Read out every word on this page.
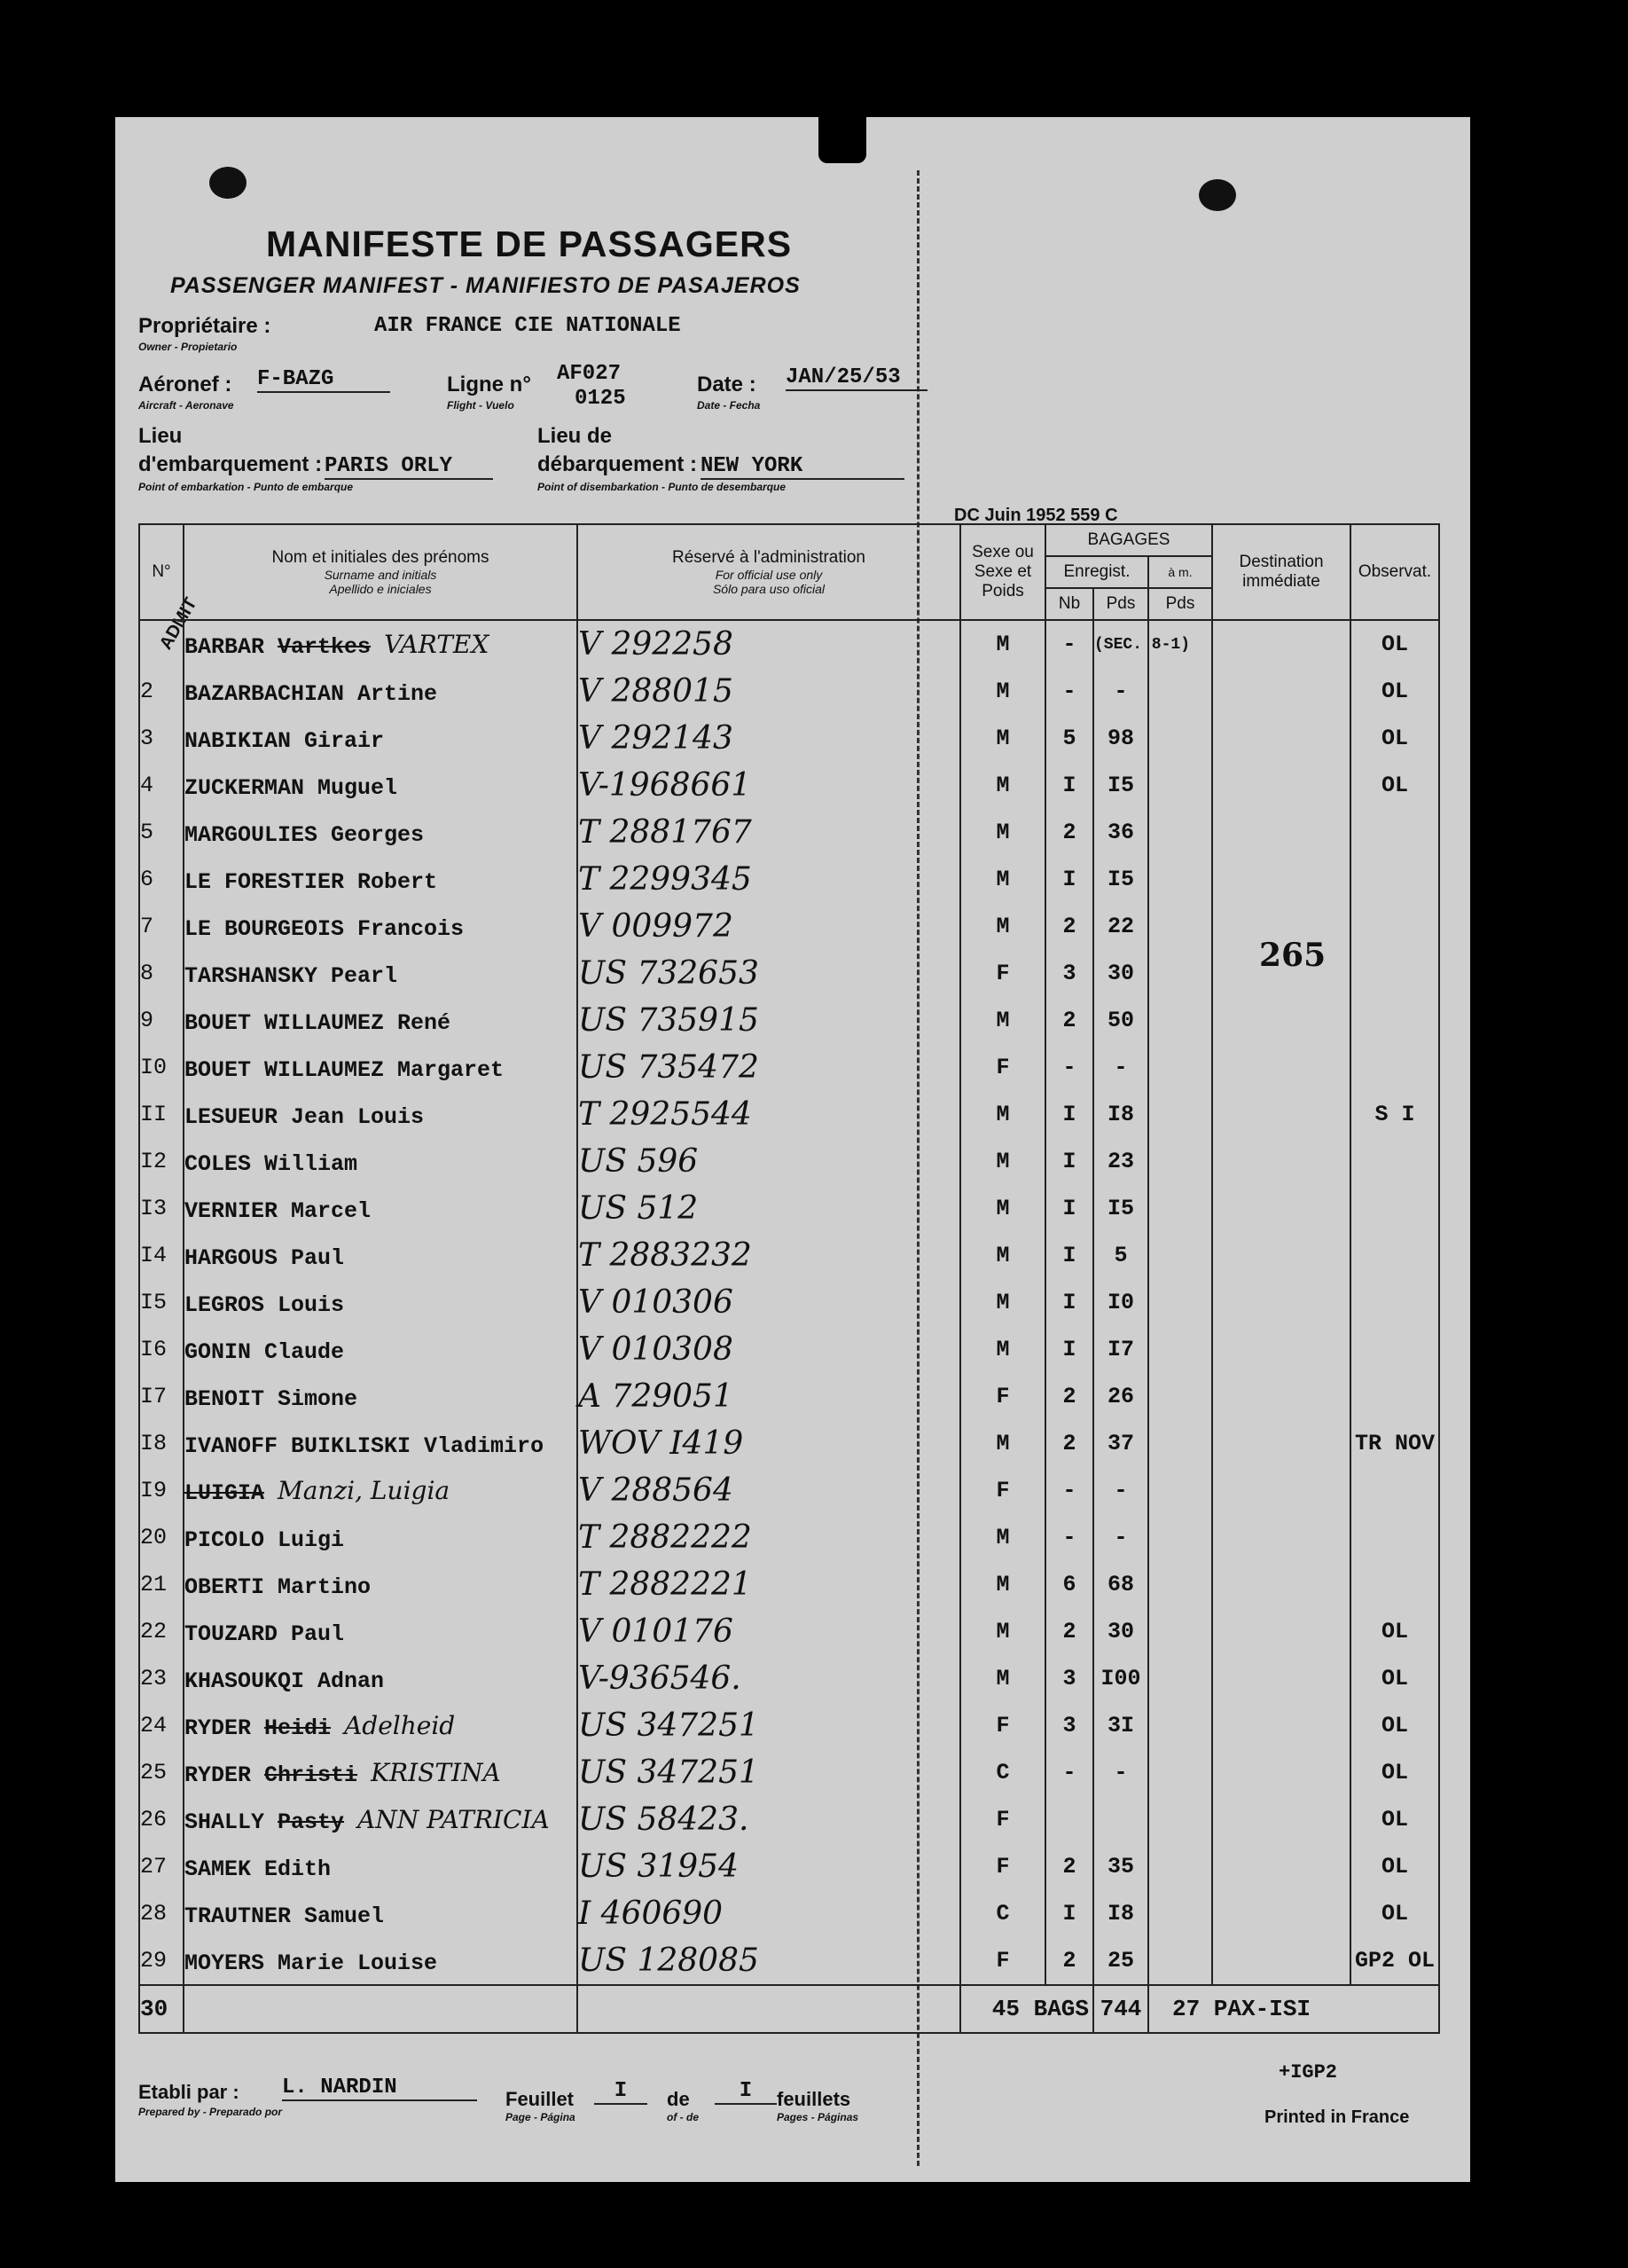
MANIFESTE DE PASSAGERS
PASSENGER MANIFEST - MANIFIESTO DE PASAJEROS
Propriétaire :
Owner - Propietario
AIR FRANCE CIE NATIONALE
Aéronef :
Aircraft - Aeronave
F-BAZG	Ligne n°
Flight - Vuelo
AF027
0125
Date :
Date - Fecha
JAN/25/53
Lieu
d'embarquement :
Point of embarkation - Punto de embarque
PARIS ORLY
Lieu de
débarquement :
Point of disembarkation - Punto de desembarque
NEW YORK
DC Juin 1952 559 C
265
ADMIT
N°	Nom et initiales des prénoms
Surname and initials
Apellido e iniciales	Réservé à l'administration
For official use only
Sólo para uso oficial	Sexe ou Sexe et Poids	BAGAGES			Destination immédiate	Observat.
				Enregist.		à m.		
				Nb	Pds	Pds		
	BARBAR Vartkes VARTEX	V 292258	M	-	(SEC. 8-1)			OL
2	BAZARBACHIAN Artine	V 288015	M	-	-			OL
3	NABIKIAN Girair	V 292143	M	5	98			OL
4	ZUCKERMAN Muguel	V-1968661	M	I	I5			OL
5	MARGOULIES Georges	T 2881767	M	2	36			
6	LE FORESTIER Robert	T 2299345	M	I	I5			
7	LE BOURGEOIS Francois	V 009972	M	2	22			
8	TARSHANSKY Pearl	US 732653	F	3	30			
9	BOUET WILLAUMEZ René	US 735915	M	2	50			
I0	BOUET WILLAUMEZ Margaret	US 735472	F	-	-			
II	LESUEUR Jean Louis	T 2925544	M	I	I8			S I
I2	COLES William	US 596	M	I	23			
I3	VERNIER Marcel	US 512	M	I	I5			
I4	HARGOUS Paul	T 2883232	M	I	5			
I5	LEGROS Louis	V 010306	M	I	I0			
I6	GONIN Claude	V 010308	M	I	I7			
I7	BENOIT Simone	A 729051	F	2	26			
I8	IVANOFF BUIKLISKI Vladimiro	WOV I419	M	2	37			TR NOV
I9	LUIGIA Manzi, Luigia	V 288564	F	-	-			
20	PICOLO Luigi	T 2882222	M	-	-			
21	OBERTI Martino	T 2882221	M	6	68			
22	TOUZARD Paul	V 010176	M	2	30			OL
23	KHASOUKQI Adnan	V-936546.	M	3	I00			OL
24	RYDER Heidi Adelheid	US 347251	F	3	3I			OL
25	RYDER Christi KRISTINA	US 347251	C	-	-			OL
26	SHALLY Pasty ANN PATRICIA	US 58423.	F					OL
27	SAMEK Edith	US 31954	F	2	35			OL
28	TRAUTNER Samuel	I 460690	C	I	I8			OL
29	MOYERS Marie Louise	US 128085	F	2	25			GP2 OL
30			45 BAGS		744	27 PAX-ISI		
+IGP2
Etabli par :
Prepared by - Preparado por
L. NARDIN	Feuillet
Page - Página
I	de
of - de
I	feuillets
Pages - Páginas	Printed in France
